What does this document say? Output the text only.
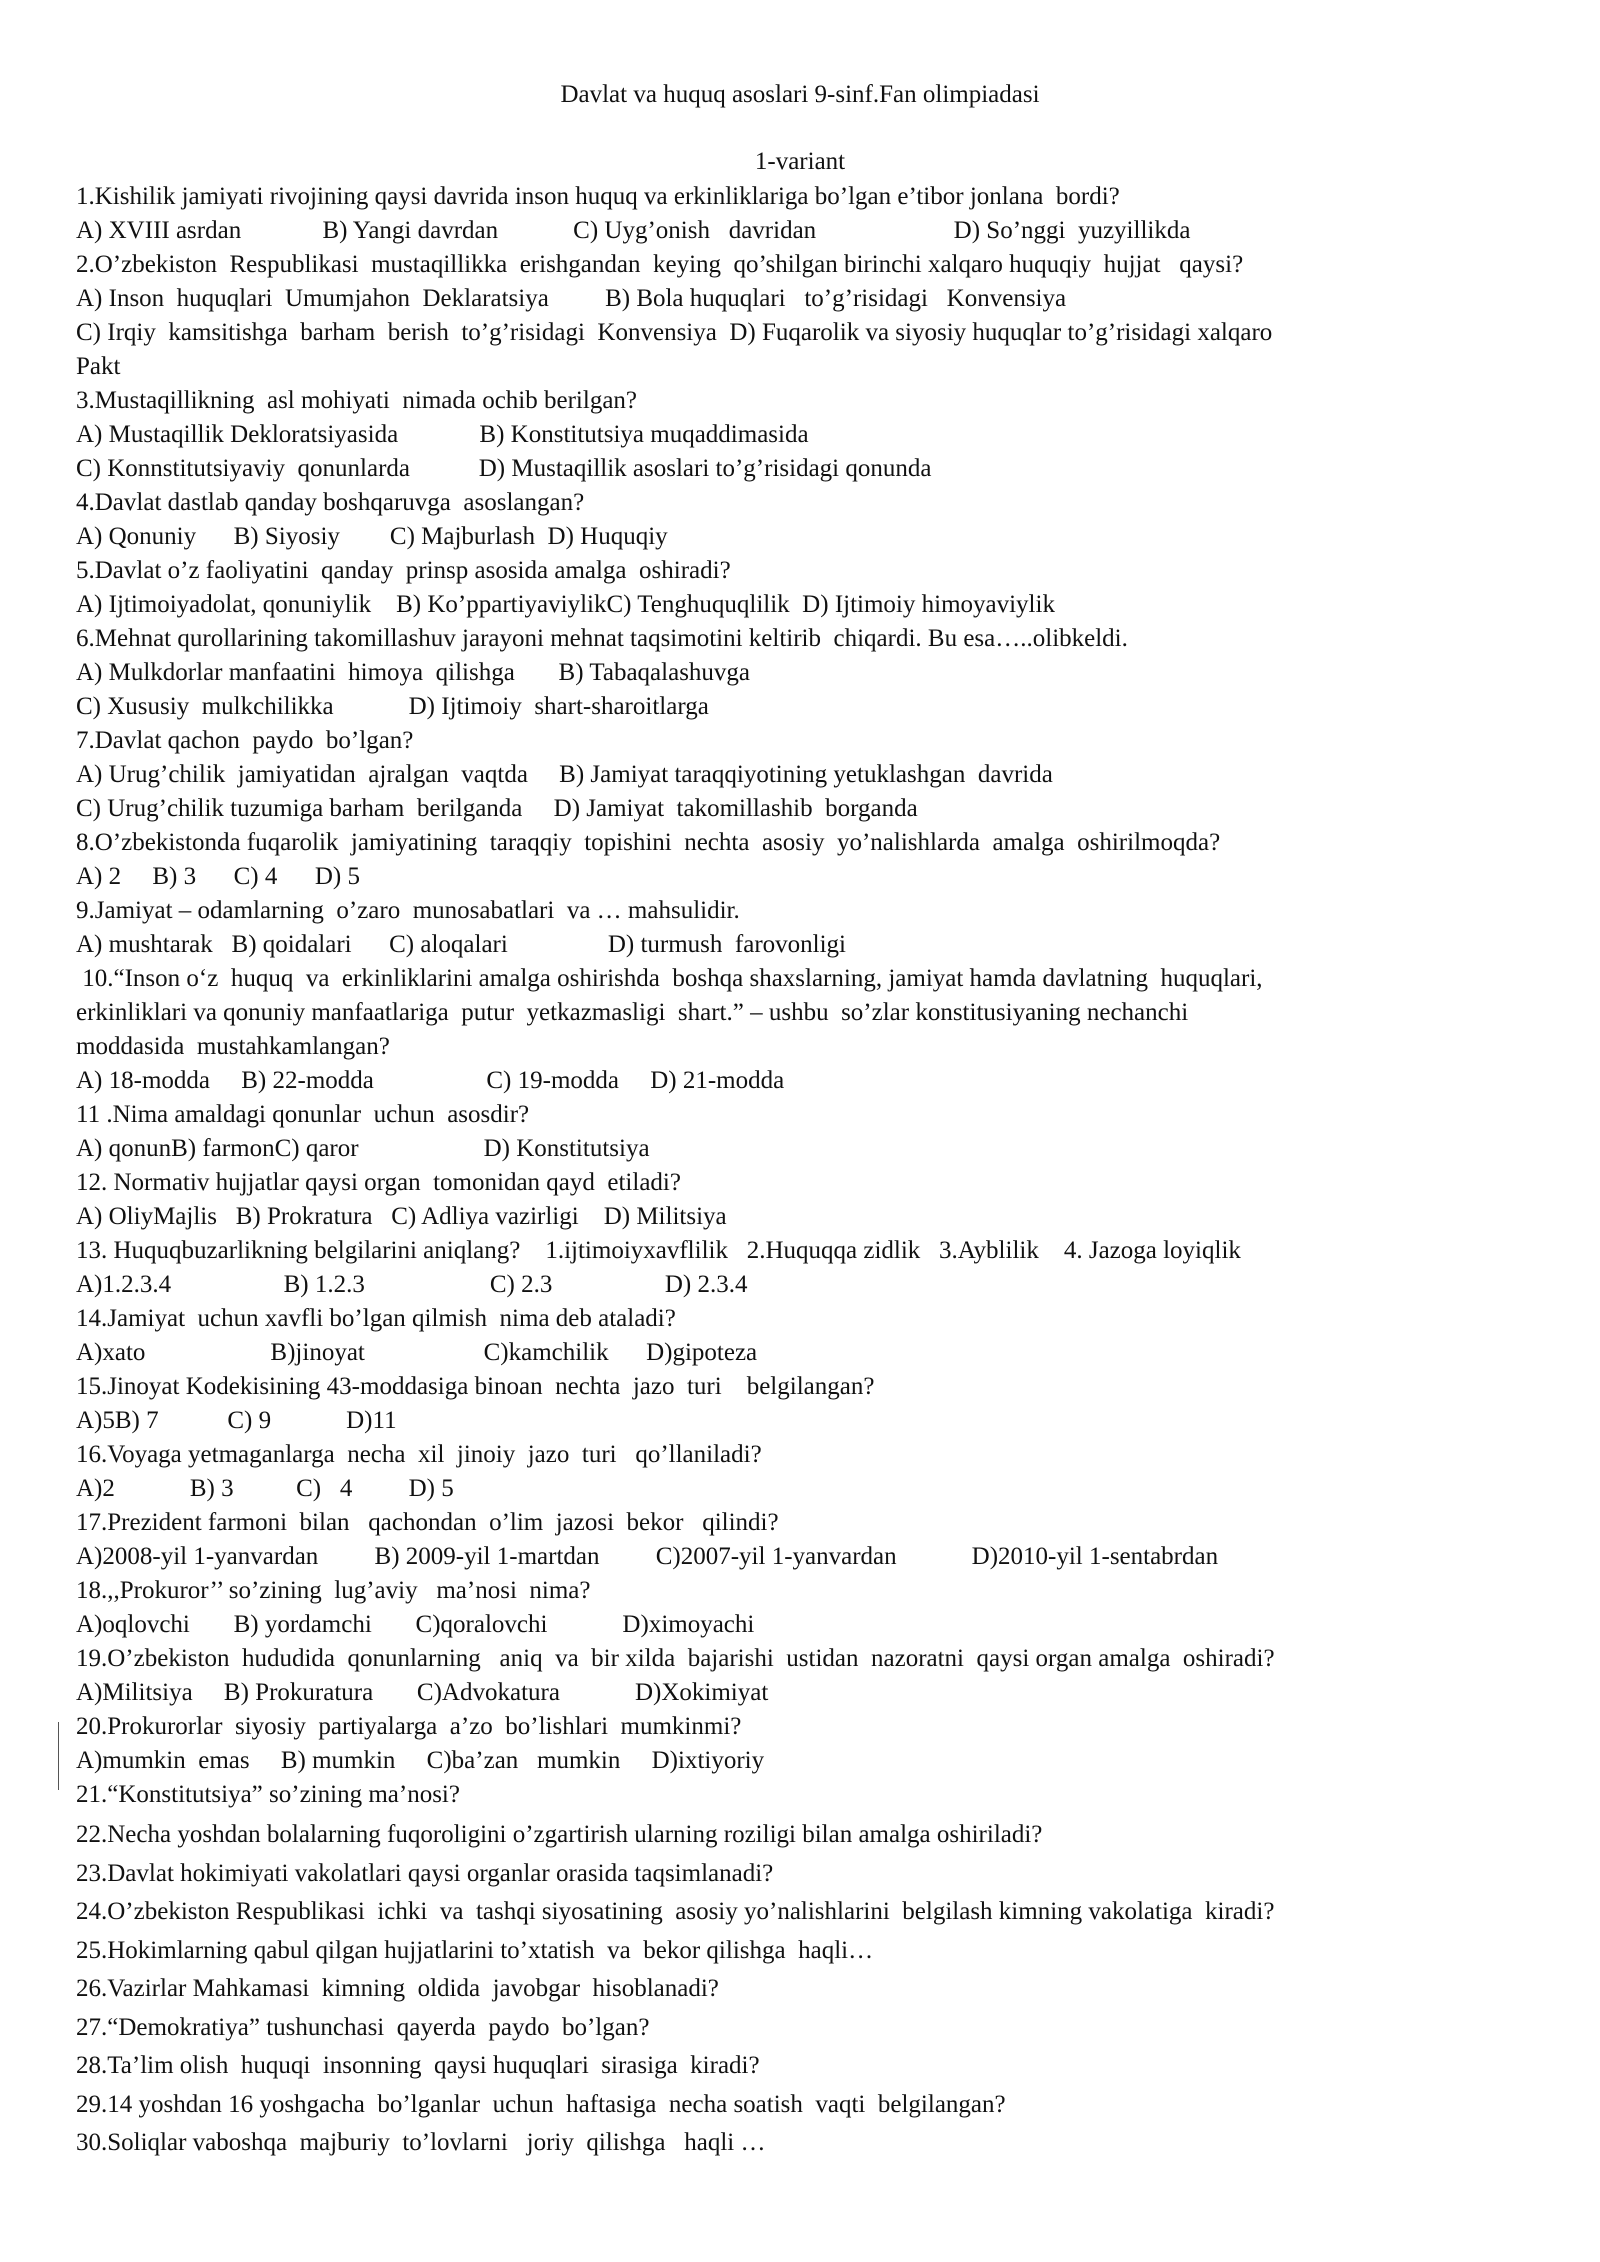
Davlat va huquq asoslari 9-sinf.Fan olimpiadasi
1-variant
1.Kishilik jamiyati rivojining qaysi davrida inson huquq va erkinliklariga bo’lgan e’tibor jonlana  bordi?
A) XVIII asrdan             B) Yangi davrdan            C) Uyg’onish   davridan                      D) So’nggi  yuzyillikda
2.O’zbekiston  Respublikasi  mustaqillikka  erishgandan  keying  qo’shilgan birinchi xalqaro huquqiy  hujjat   qaysi?
A) Inson  huquqlari  Umumjahon  Deklaratsiya         B) Bola huquqlari   to’g’risidagi   Konvensiya
C) Irqiy  kamsitishga  barham  berish  to’g’risidagi  Konvensiya  D) Fuqarolik va siyosiy huquqlar to’g’risidagi xalqaro
Pakt
3.Mustaqillikning  asl mohiyati  nimada ochib berilgan?
A) Mustaqillik Dekloratsiyasida             B) Konstitutsiya muqaddimasida
C) Konnstitutsiyaviy  qonunlarda           D) Mustaqillik asoslari to’g’risidagi qonunda
4.Davlat dastlab qanday boshqaruvga  asoslangan?
A) Qonuniy      B) Siyosiy        C) Majburlash  D) Huquqiy
5.Davlat o’z faoliyatini  qanday  prinsp asosida amalga  oshiradi?
A) Ijtimoiyadolat, qonuniylik    B) Ko’ppartiyaviylikC) Tenghuquqlilik  D) Ijtimoiy himoyaviylik
6.Mehnat qurollarining takomillashuv jarayoni mehnat taqsimotini keltirib  chiqardi. Bu esa…..olibkeldi.
A) Mulkdorlar manfaatini  himoya  qilishga       B) Tabaqalashuvga
C) Xususiy  mulkchilikka            D) Ijtimoiy  shart-sharoitlarga
7.Davlat qachon  paydo  bo’lgan?
A) Urug’chilik  jamiyatidan  ajralgan  vaqtda     B) Jamiyat taraqqiyotining yetuklashgan  davrida
C) Urug’chilik tuzumiga barham  berilganda     D) Jamiyat  takomillashib  borganda
8.O’zbekistonda fuqarolik  jamiyatining  taraqqiy  topishini  nechta  asosiy  yo’nalishlarda  amalga  oshirilmoqda?
A) 2     B) 3      C) 4      D) 5
9.Jamiyat – odamlarning  o’zaro  munosabatlari  va … mahsulidir.
A) mushtarak   B) qoidalari      C) aloqalari                D) turmush  farovonligi
10.“Inson o‘z  huquq  va  erkinliklarini amalga oshirishda  boshqa shaxslarning, jamiyat hamda davlatning  huquqlari,
erkinliklari va qonuniy manfaatlariga  putur  yetkazmasligi  shart.” – ushbu  so’zlar konstitusiyaning nechanchi
moddasida  mustahkamlangan?
A) 18-modda     B) 22-modda                  C) 19-modda     D) 21-modda
11 .Nima amaldagi qonunlar  uchun  asosdir?
A) qonunB) farmonC) qaror                    D) Konstitutsiya
12. Normativ hujjatlar qaysi organ  tomonidan qayd  etiladi?
A) OliyMajlis   B) Prokratura   C) Adliya vazirligi    D) Militsiya
13. Huquqbuzarlikning belgilarini aniqlang?    1.ijtimoiyxavflilik   2.Huquqqa zidlik   3.Ayblilik    4. Jazoga loyiqlik
A)1.2.3.4                  B) 1.2.3                    C) 2.3                  D) 2.3.4
14.Jamiyat  uchun xavfli bo’lgan qilmish  nima deb ataladi?
A)xato                    B)jinoyat                   C)kamchilik      D)gipoteza
15.Jinoyat Kodekisining 43-moddasiga binoan  nechta  jazo  turi    belgilangan?
A)5B) 7           C) 9            D)11
16.Voyaga yetmaganlarga  necha  xil  jinoiy  jazo  turi   qo’llaniladi?
A)2            B) 3          C)   4         D) 5
17.Prezident farmoni  bilan   qachondan  o’lim  jazosi  bekor   qilindi?
A)2008-yil 1-yanvardan         B) 2009-yil 1-martdan         C)2007-yil 1-yanvardan            D)2010-yil 1-sentabrdan
18.,,Prokuror’’ so’zining  lug’aviy   ma’nosi  nima?
A)oqlovchi       B) yordamchi       C)qoralovchi            D)ximoyachi
19.O’zbekiston  hududida  qonunlarning   aniq  va  bir xilda  bajarishi  ustidan  nazoratni  qaysi organ amalga  oshiradi?
A)Militsiya     B) Prokuratura       C)Advokatura            D)Xokimiyat
20.Prokurorlar  siyosiy  partiyalarga  a’zo  bo’lishlari  mumkinmi?
A)mumkin  emas     B) mumkin     C)ba’zan   mumkin     D)ixtiyoriy
21.“Konstitutsiya” so’zining ma’nosi?
22.Necha yoshdan bolalarning fuqoroligini o’zgartirish ularning roziligi bilan amalga oshiriladi?
23.Davlat hokimiyati vakolatlari qaysi organlar orasida taqsimlanadi?
24.O’zbekiston Respublikasi  ichki  va  tashqi siyosatining  asosiy yo’nalishlarini  belgilash kimning vakolatiga  kiradi?
25.Hokimlarning qabul qilgan hujjatlarini to’xtatish  va  bekor qilishga  haqli…
26.Vazirlar Mahkamasi  kimning  oldida  javobgar  hisoblanadi?
27.“Demokratiya” tushunchasi  qayerda  paydo  bo’lgan?
28.Ta’lim olish  huquqi  insonning  qaysi huquqlari  sirasiga  kiradi?
29.14 yoshdan 16 yoshgacha  bo’lganlar  uchun  haftasiga  necha soatish  vaqti  belgilangan?
30.Soliqlar vaboshqa  majburiy  to’lovlarni   joriy  qilishga   haqli …
